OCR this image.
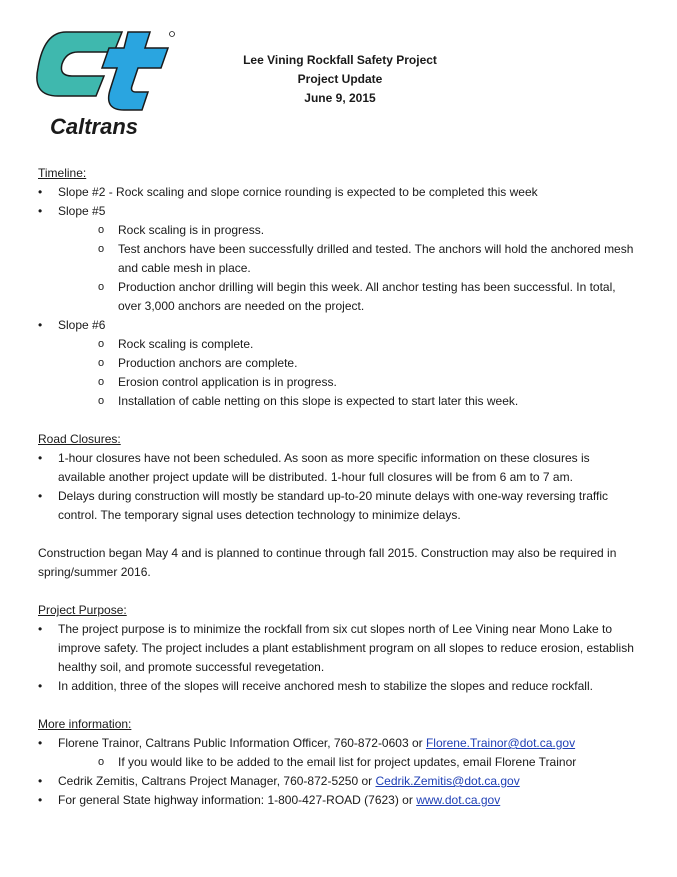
Caltrans
Lee Vining Rockfall Safety Project
Project Update
June 9, 2015

Timeline:

• Slope #2 - Rock scaling and slope cornice rounding is expected to be completed this week
• Slope #5
o Rock scaling is in progress.
o Test anchors have been successfully drilled and tested. The anchors will hold the anchored mesh and cable mesh in place.
o Production anchor drilling will begin this week. All anchor testing has been successful. In total, over 3,000 anchors are needed on the project.
• Slope #6
o Rock scaling is complete.
o Production anchors are complete.
o Erosion control application is in progress.
o Installation of cable netting on this slope is expected to start later this week.

Road Closures:

• 1-hour closures have not been scheduled. As soon as more specific information on these closures is available another project update will be distributed. 1-hour full closures will be from 6 am to 7 am.
• Delays during construction will mostly be standard up-to-20 minute delays with one-way reversing traffic control. The temporary signal uses detection technology to minimize delays.

Construction began May 4 and is planned to continue through fall 2015. Construction may also be required in spring/summer 2016.

Project Purpose:

• The project purpose is to minimize the rockfall from six cut slopes north of Lee Vining near Mono Lake to improve safety. The project includes a plant establishment program on all slopes to reduce erosion, establish healthy soil, and promote successful revegetation.
• In addition, three of the slopes will receive anchored mesh to stabilize the slopes and reduce rockfall.

More information:

• Florene Trainor, Caltrans Public Information Officer, 760-872-0603 or Florene.Trainor@dot.ca.gov
o If you would like to be added to the email list for project updates, email Florene Trainor
• Cedrik Zemitis, Caltrans Project Manager, 760-872-5250 or Cedrik.Zemitis@dot.ca.gov
• For general State highway information: 1-800-427-ROAD (7623) or www.dot.ca.gov
